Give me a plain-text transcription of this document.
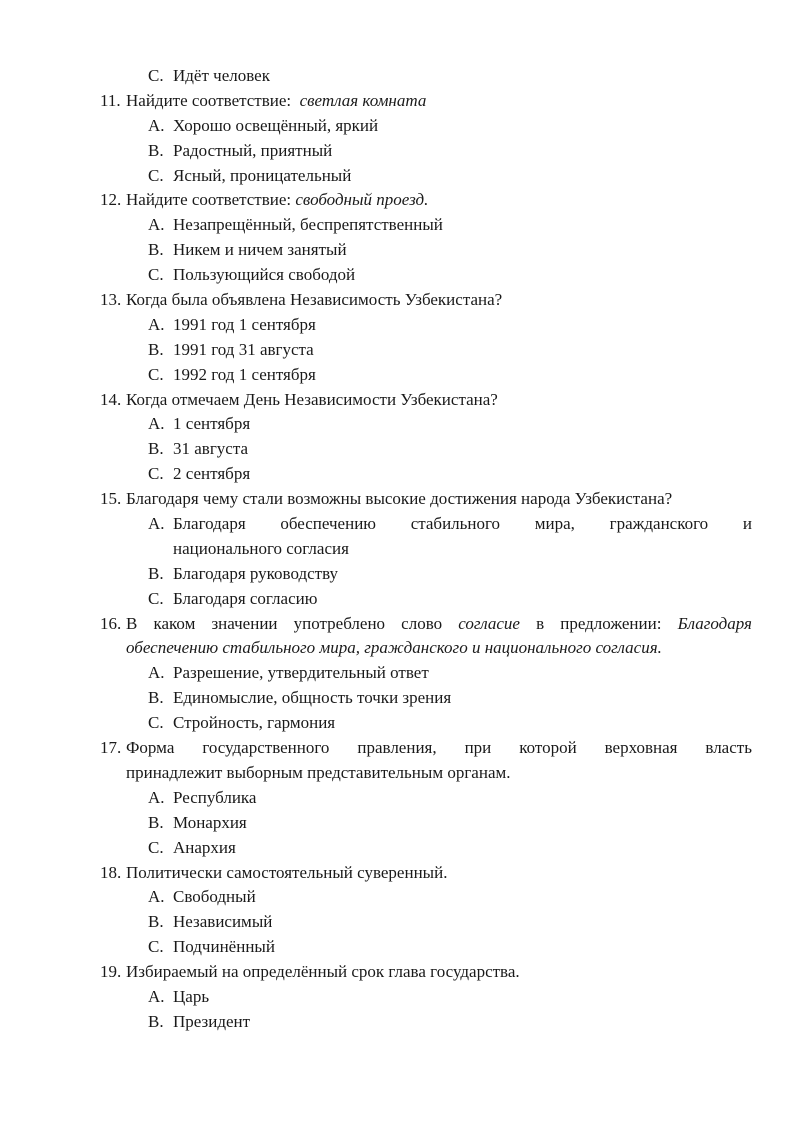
C. Идёт человек
11. Найдите соответствие: светлая комната
A. Хорошо освещённый, яркий
B. Радостный, приятный
C. Ясный, проницательный
12. Найдите соответствие: свободный проезд.
A. Незапрещённый, беспрепятственный
B. Никем и ничем занятый
C. Пользующийся свободой
13. Когда была объявлена Независимость Узбекистана?
A. 1991 год 1 сентября
B. 1991 год 31 августа
C. 1992 год 1 сентября
14. Когда отмечаем День Независимости Узбекистана?
A. 1 сентября
B. 31 августа
C. 2 сентября
15. Благодаря чему стали возможны высокие достижения народа Узбекистана?
A. Благодаря обеспечению стабильного мира, гражданского и
национального согласия
B. Благодаря руководству
C. Благодаря согласию
16. В каком значении употреблено слово согласие в предложении: Благодаря
обеспечению стабильного мира, гражданского и национального согласия.
A. Разрешение, утвердительный ответ
B. Единомыслие, общность точки зрения
C. Стройность, гармония
17. Форма государственного правления, при которой верховная власть
принадлежит выборным представительным органам.
A. Республика
B. Монархия
C. Анархия
18. Политически самостоятельный суверенный.
A. Свободный
B. Независимый
C. Подчинённый
19. Избираемый на определённый срок глава государства.
A. Царь
B. Президент
